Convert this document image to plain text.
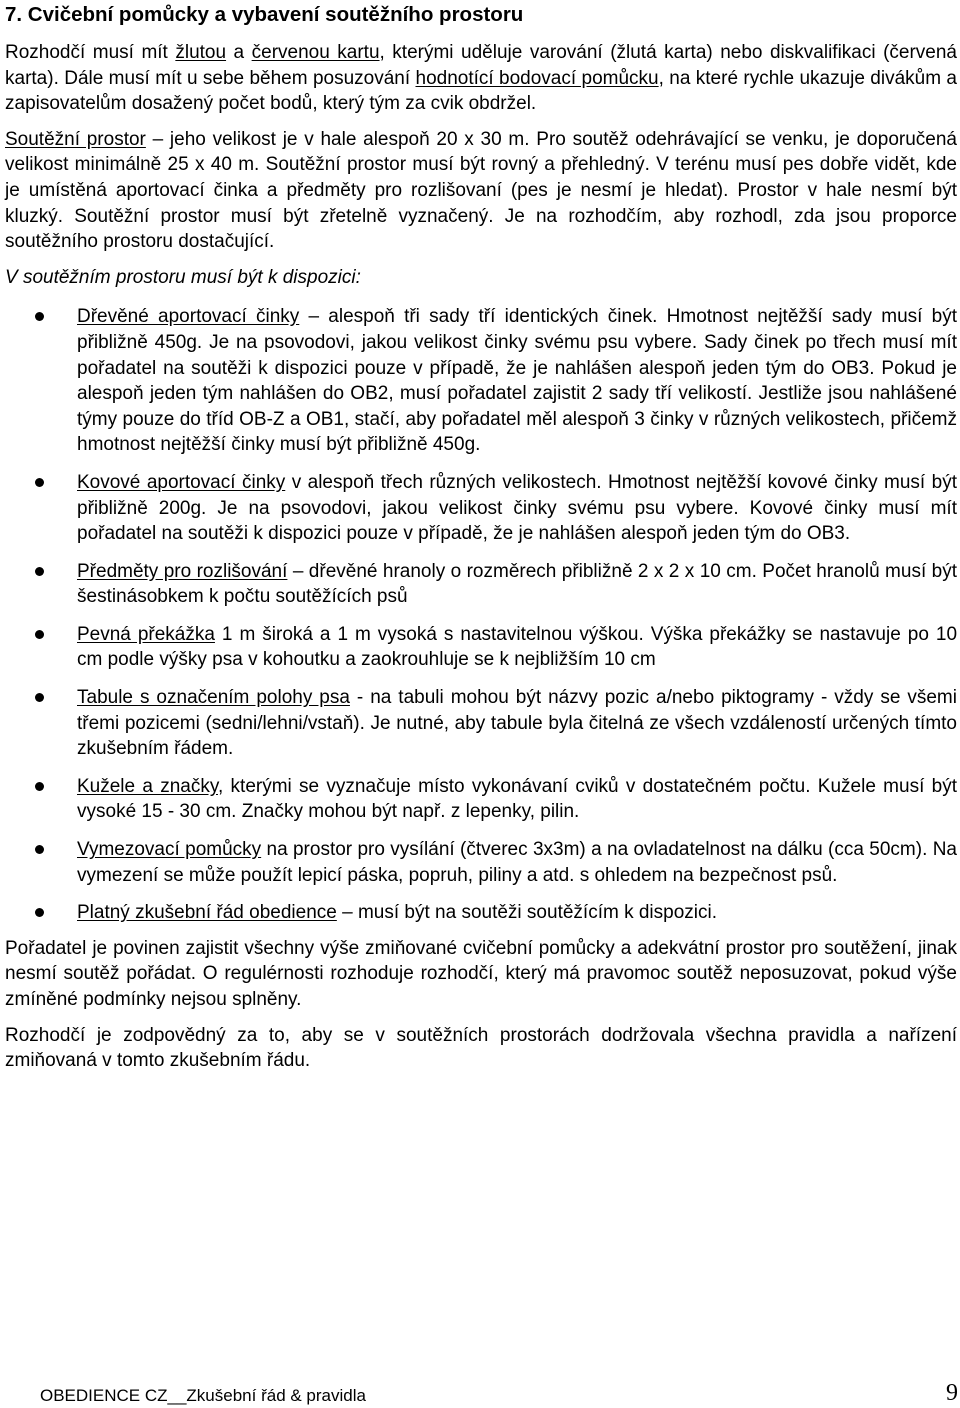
7. Cvičební pomůcky a vybavení soutěžního prostoru

Rozhodčí musí mít žlutou a červenou kartu, kterými uděluje varování (žlutá karta) nebo diskvalifikaci (červená karta). Dále musí mít u sebe během posuzování hodnotící bodovací pomůcku, na které rychle ukazuje divákům a zapisovatelům dosažený počet bodů, který tým za cvik obdržel.

Soutěžní prostor – jeho velikost je v hale alespoň 20 x 30 m. Pro soutěž odehrávající se venku, je doporučená velikost minimálně 25 x 40 m. Soutěžní prostor musí být rovný a přehledný. V terénu musí pes dobře vidět, kde je umístěná aportovací činka a předměty pro rozlišovaní (pes je nesmí je hledat). Prostor v hale nesmí být kluzký. Soutěžní prostor musí být zřetelně vyznačený. Je na rozhodčím, aby rozhodl, zda jsou proporce soutěžního prostoru dostačující.

V soutěžním prostoru musí být k dispozici:

Dřevěné aportovací činky – alespoň tři sady tří identických činek. Hmotnost nejtěžší sady musí být přibližně 450g. Je na psovodovi, jakou velikost činky svému psu vybere. Sady činek po třech musí mít pořadatel na soutěži k dispozici pouze v případě, že je nahlášen alespoň jeden tým do OB3. Pokud je alespoň jeden tým nahlášen do OB2, musí pořadatel zajistit 2 sady tří velikostí. Jestliže jsou nahlášené týmy pouze do tříd OB-Z a OB1, stačí, aby pořadatel měl alespoň 3 činky v různých velikostech, přičemž hmotnost nejtěžší činky musí být přibližně 450g.
Kovové aportovací činky v alespoň třech různých velikostech. Hmotnost nejtěžší kovové činky musí být přibližně 200g. Je na psovodovi, jakou velikost činky svému psu vybere. Kovové činky musí mít pořadatel na soutěži k dispozici pouze v případě, že je nahlášen alespoň jeden tým do OB3.
Předměty pro rozlišování – dřevěné hranoly o rozměrech přibližně 2 x 2 x 10 cm. Počet hranolů musí být šestinásobkem k počtu soutěžících psů
Pevná překážka 1 m široká a 1 m vysoká s nastavitelnou výškou. Výška překážky se nastavuje po 10 cm podle výšky psa v kohoutku a zaokrouhluje se k nejbližším 10 cm
Tabule s označením polohy psa - na tabuli mohou být názvy pozic a/nebo piktogramy - vždy se všemi třemi pozicemi (sedni/lehni/vstaň). Je nutné, aby tabule byla čitelná ze všech vzdáleností určených tímto zkušebním řádem.
Kužele a značky, kterými se vyznačuje místo vykonávaní cviků v dostatečném počtu. Kužele musí být vysoké 15 - 30 cm. Značky mohou být např. z lepenky, pilin.
Vymezovací pomůcky na prostor pro vysílání (čtverec 3x3m) a na ovladatelnost na dálku (cca 50cm). Na vymezení se může použít lepicí páska, popruh, piliny a atd. s ohledem na bezpečnost psů.
Platný zkušební řád obedience – musí být na soutěži soutěžícím k dispozici.

Pořadatel je povinen zajistit všechny výše zmiňované cvičební pomůcky a adekvátní prostor pro soutěžení, jinak nesmí soutěž pořádat. O regulérnosti rozhoduje rozhodčí, který má pravomoc soutěž neposuzovat, pokud výše zmíněné podmínky nejsou splněny.

Rozhodčí je zodpovědný za to, aby se v soutěžních prostorách dodržovala všechna pravidla a nařízení zmiňovaná v tomto zkušebním řádu.

OBEDIENCE CZ__Zkušební řád & pravidla	9
